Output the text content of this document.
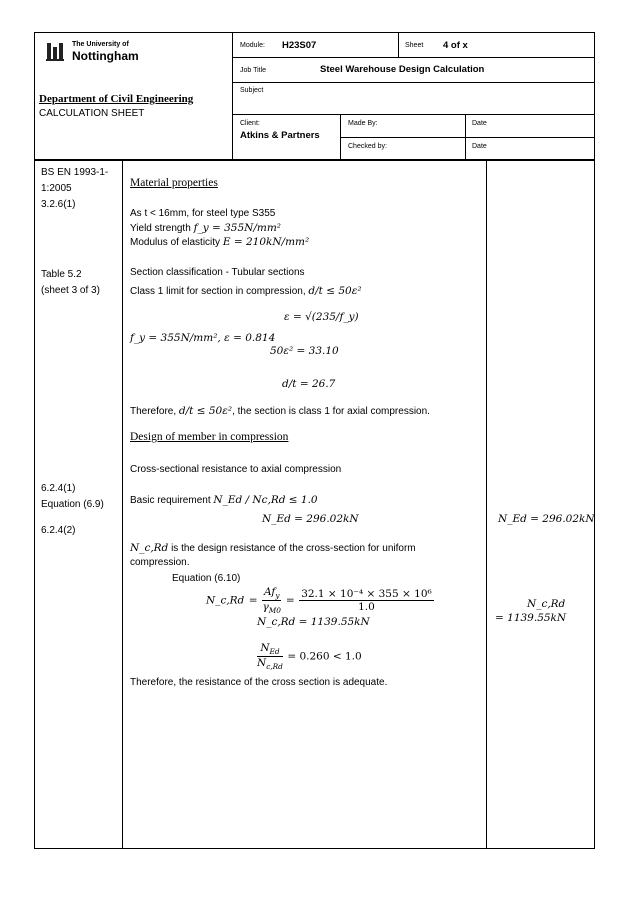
The University of
Nottingham
Department of Civil Engineering
CALCULATION SHEET
Module: H23S07	Sheet 4 of x
Job Title	Steel Warehouse Design Calculation
Subject
Client:
Atkins & Partners
Made By:	Date
Checked by:	Date
BS EN 1993-1-
1:2005
3.2.6(1)
Table 5.2
(sheet 3 of 3)
6.2.4(1)
Equation (6.9)
6.2.4(2)
Material properties
As t < 16mm, for steel type S355
Yield strength f_y = 355N/mm²
Modulus of elasticity E = 210kN/mm²
Section classification - Tubular sections
Class 1 limit for section in compression, d/t ≤ 50ε²
ε = √(235/f_y)
f_y = 355N/mm², ε = 0.814
50ε² = 33.10
d/t = 26.7
Therefore, d/t ≤ 50ε², the section is class 1 for axial compression.
Design of member in compression
Cross-sectional resistance to axial compression
Basic requirement N_Ed / Nc,Rd ≤ 1.0
N_Ed = 296.02kN
N_c,Rd is the design resistance of the cross-section for uniform
compression.
Equation (6.10)
N_c,Rd = $\frac{Af_y}{\gamma_{M0}} = \frac{\text{32.1 × 10⁻⁴ × 355 × 10⁶}}{1.0}$
N_c,Rd = 1139.55kN
$\frac{N_{Ed}}{N_{c,Rd}} = 0.260 < 1.0$
Therefore, the resistance of the cross section is adequate.
N_Ed = 296.02kN
N_c,Rd
= 1139.55kN
